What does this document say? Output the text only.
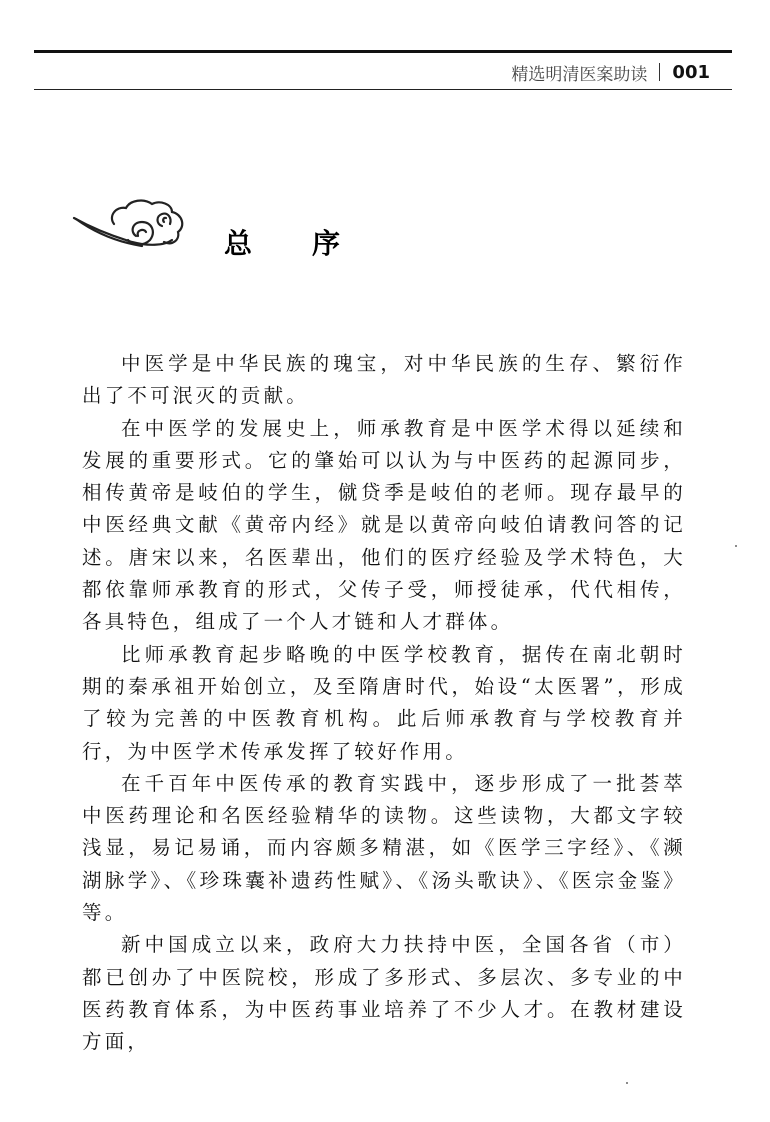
精选明清医案助读 001
总 序

中医学是中华民族的瑰宝，对中华民族的生存、繁衍作出了不可泯灭的贡献。

在中医学的发展史上，师承教育是中医学术得以延续和发展的重要形式。它的肇始可以认为与中医药的起源同步，相传黄帝是岐伯的学生，僦贷季是岐伯的老师。现存最早的中医经典文献《黄帝内经》就是以黄帝向岐伯请教问答的记述。唐宋以来，名医辈出，他们的医疗经验及学术特色，大都依靠师承教育的形式，父传子受，师授徒承，代代相传，各具特色，组成了一个人才链和人才群体。

比师承教育起步略晚的中医学校教育，据传在南北朝时期的秦承祖开始创立，及至隋唐时代，始设“太医署”，形成了较为完善的中医教育机构。此后师承教育与学校教育并行，为中医学术传承发挥了较好作用。

在千百年中医传承的教育实践中，逐步形成了一批荟萃中医药理论和名医经验精华的读物。这些读物，大都文字较浅显，易记易诵，而内容颇多精湛，如《医学三字经》、《濒湖脉学》、《珍珠囊补遗药性赋》、《汤头歌诀》、《医宗金鉴》等。

新中国成立以来，政府大力扶持中医，全国各省（市）都已创办了中医院校，形成了多形式、多层次、多专业的中医药教育体系，为中医药事业培养了不少人才。在教材建设方面，
